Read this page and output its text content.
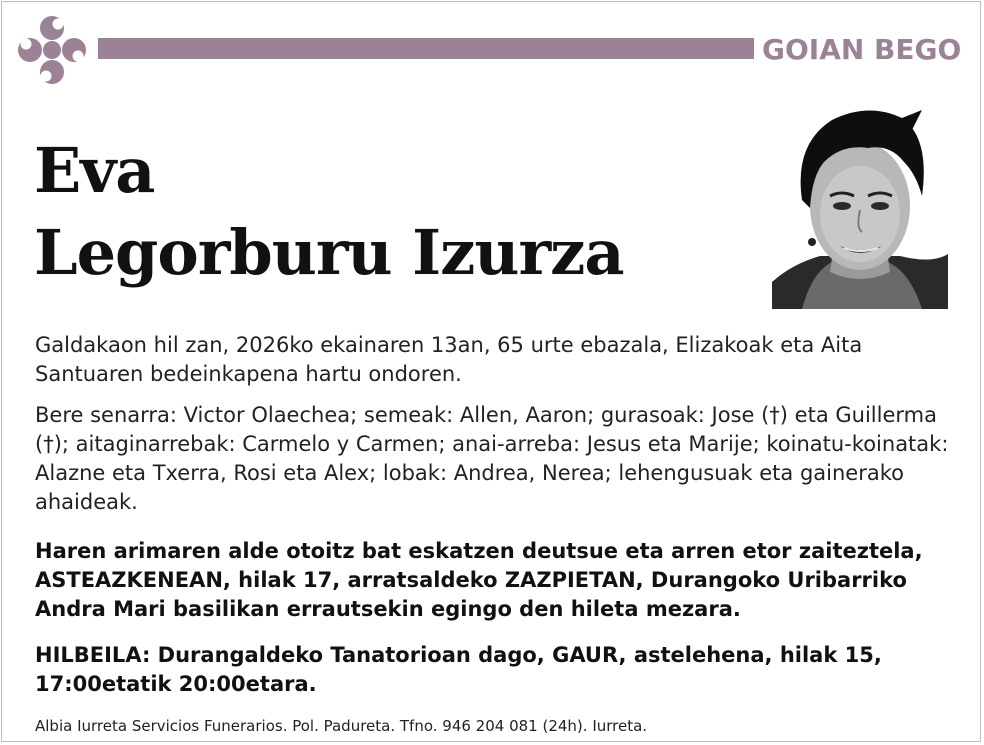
GOIAN BEGO
Eva
Legorburu Izurza

Galdakaon hil zan, 2026ko ekainaren 13an, 65 urte ebazala, Elizakoak eta Aita Santuaren bedeinkapena hartu ondoren.

Bere senarra: Victor Olaechea; semeak: Allen, Aaron; gurasoak: Jose (†) eta Guillerma (†); aitaginarrebak: Carmelo y Carmen; anai-arreba: Jesus eta Marije; koinatu-koinatak: Alazne eta Txerra, Rosi eta Alex; lobak: Andrea, Nerea; lehengusuak eta gainerako ahaideak.

Haren arimaren alde otoitz bat eskatzen deutsue eta arren etor zaiteztela, ASTEAZKENEAN, hilak 17, arratsaldeko ZAZPIETAN, Durangoko Uribarriko Andra Mari basilikan errautsekin egingo den hileta mezara.

HILBEILA: Durangaldeko Tanatorioan dago, GAUR, astelehena, hilak 15, 17:00etatik 20:00etara.

Albia Iurreta Servicios Funerarios. Pol. Padureta. Tfno. 946 204 081 (24h). Iurreta.
